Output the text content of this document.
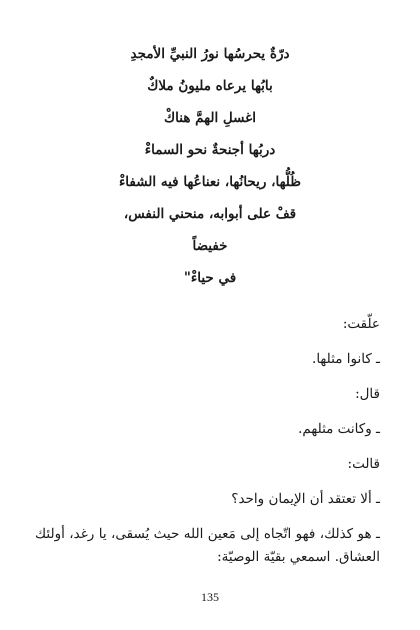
درّةٌ يحرسُها نورُ النبيِّ الأمجدِ
بابُها يرعاه مليونُ ملاكٌ
اغسلِ الهمَّ هناكْ
دربُها أجنحةٌ نحو السماءْ
ظُلُّها، ريحانُها، نعناعُها فيه الشفاءْ
قفْ على أبوابه، منحني النفس،
خفيضاً
في حياءْ"
علّقت:
ـ كانوا مثلها.
قال:
ـ وكانت مثلهم.
قالت:
ـ ألا تعتقد أن الإيمان واحد؟
ـ هو كذلك، فهو اتّجاه إلى مَعين الله حيث يُسقى، يا رغد، أولئك العشاق. اسمعي بقيّة الوصيّة:
135
